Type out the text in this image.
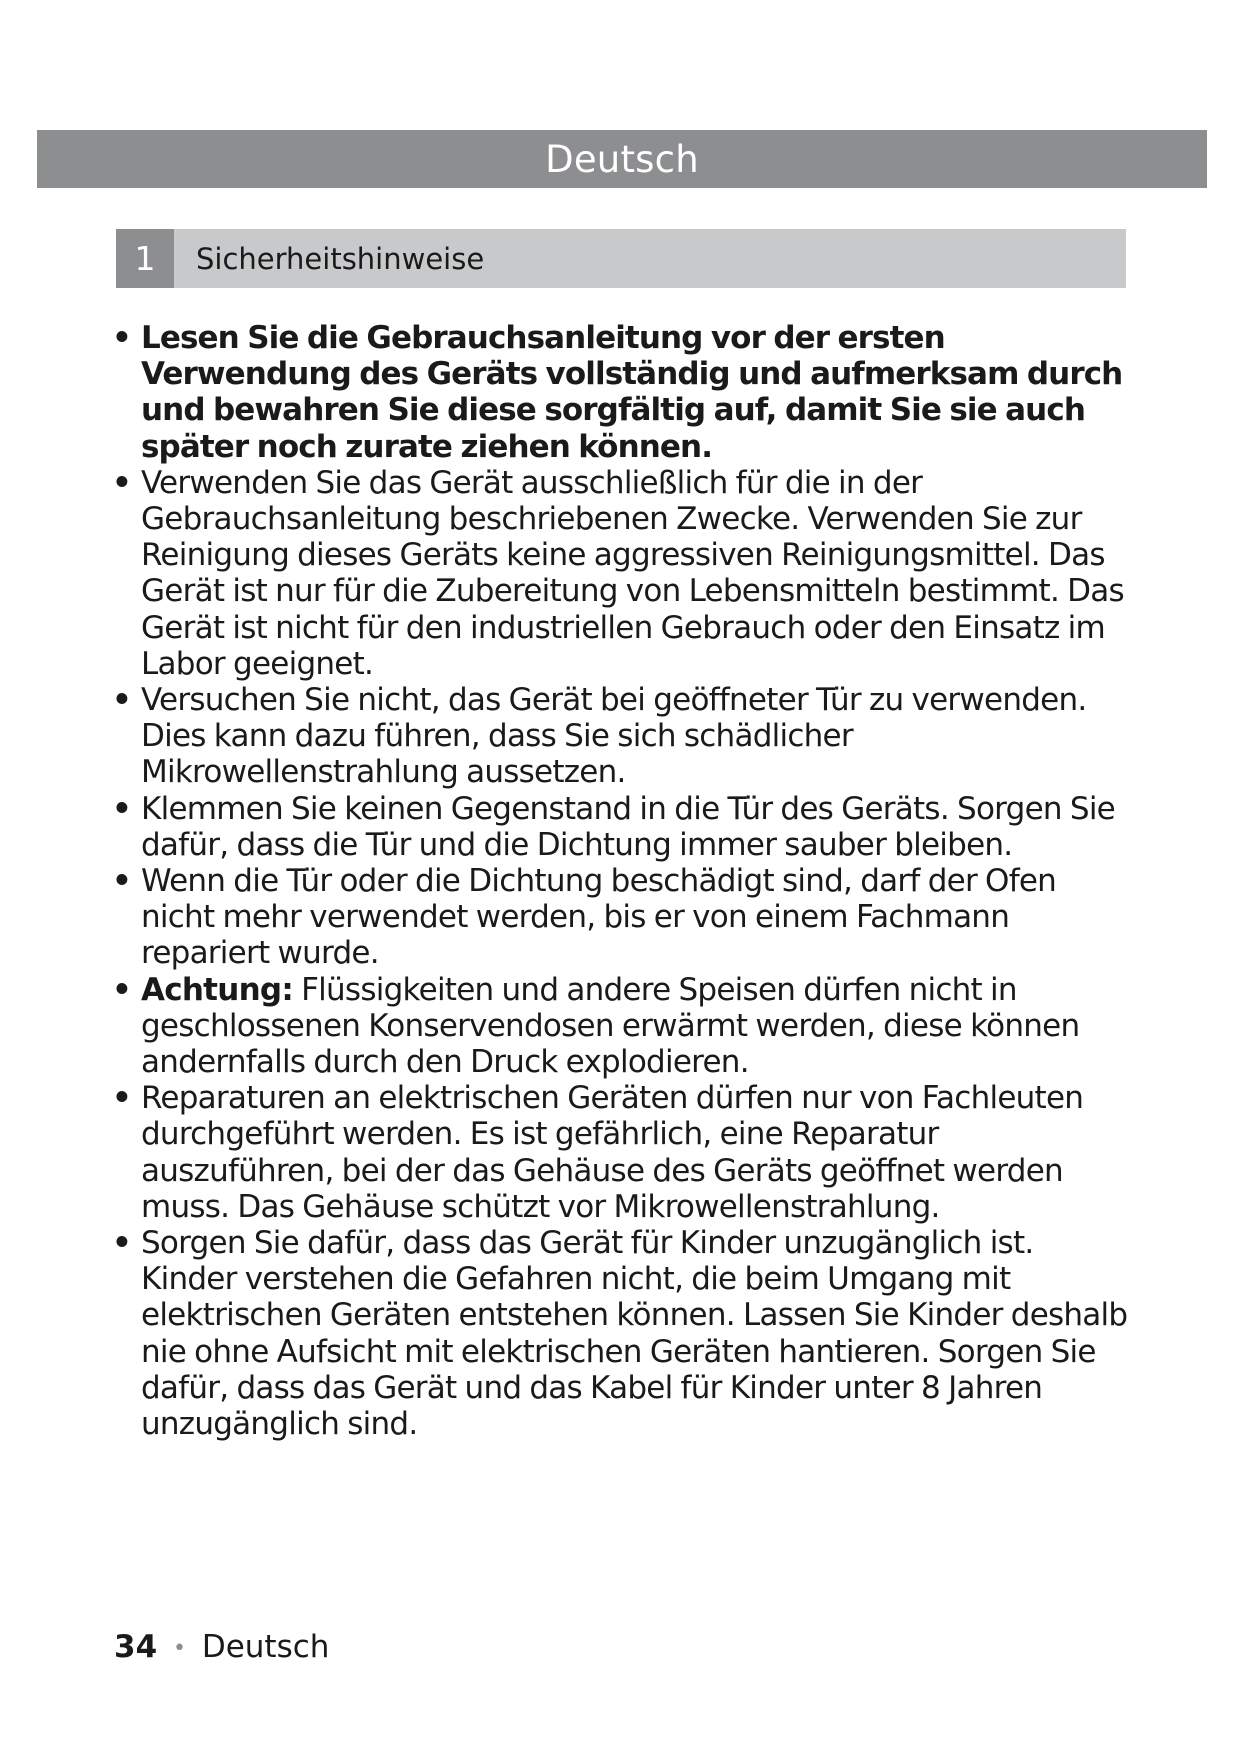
Deutsch
1	Sicherheitshinweise
• Lesen Sie die Gebrauchsanleitung vor der ersten Verwendung des Geräts vollständig und aufmerksam durch und bewahren Sie diese sorgfältig auf, damit Sie sie auch später noch zurate ziehen können.
• Verwenden Sie das Gerät ausschließlich für die in der Gebrauchsanleitung beschriebenen Zwecke. Verwenden Sie zur Reinigung dieses Geräts keine aggressiven Reinigungsmittel. Das Gerät ist nur für die Zubereitung von Lebensmitteln bestimmt. Das Gerät ist nicht für den industriellen Gebrauch oder den Einsatz im Labor geeignet.
• Versuchen Sie nicht, das Gerät bei geöffneter Tür zu verwenden. Dies kann dazu führen, dass Sie sich schädlicher Mikrowellenstrahlung aussetzen.
• Klemmen Sie keinen Gegenstand in die Tür des Geräts. Sorgen Sie dafür, dass die Tür und die Dichtung immer sauber bleiben.
• Wenn die Tür oder die Dichtung beschädigt sind, darf der Ofen nicht mehr verwendet werden, bis er von einem Fachmann repariert wurde.
• Achtung: Flüssigkeiten und andere Speisen dürfen nicht in geschlossenen Konservendosen erwärmt werden, diese können andernfalls durch den Druck explodieren.
• Reparaturen an elektrischen Geräten dürfen nur von Fachleuten durchgeführt werden. Es ist gefährlich, eine Reparatur auszuführen, bei der das Gehäuse des Geräts geöffnet werden muss. Das Gehäuse schützt vor Mikrowellenstrahlung.
• Sorgen Sie dafür, dass das Gerät für Kinder unzugänglich ist. Kinder verstehen die Gefahren nicht, die beim Umgang mit elektrischen Geräten entstehen können. Lassen Sie Kinder deshalb nie ohne Aufsicht mit elektrischen Geräten hantieren. Sorgen Sie dafür, dass das Gerät und das Kabel für Kinder unter 8 Jahren unzugänglich sind.
34 • Deutsch
